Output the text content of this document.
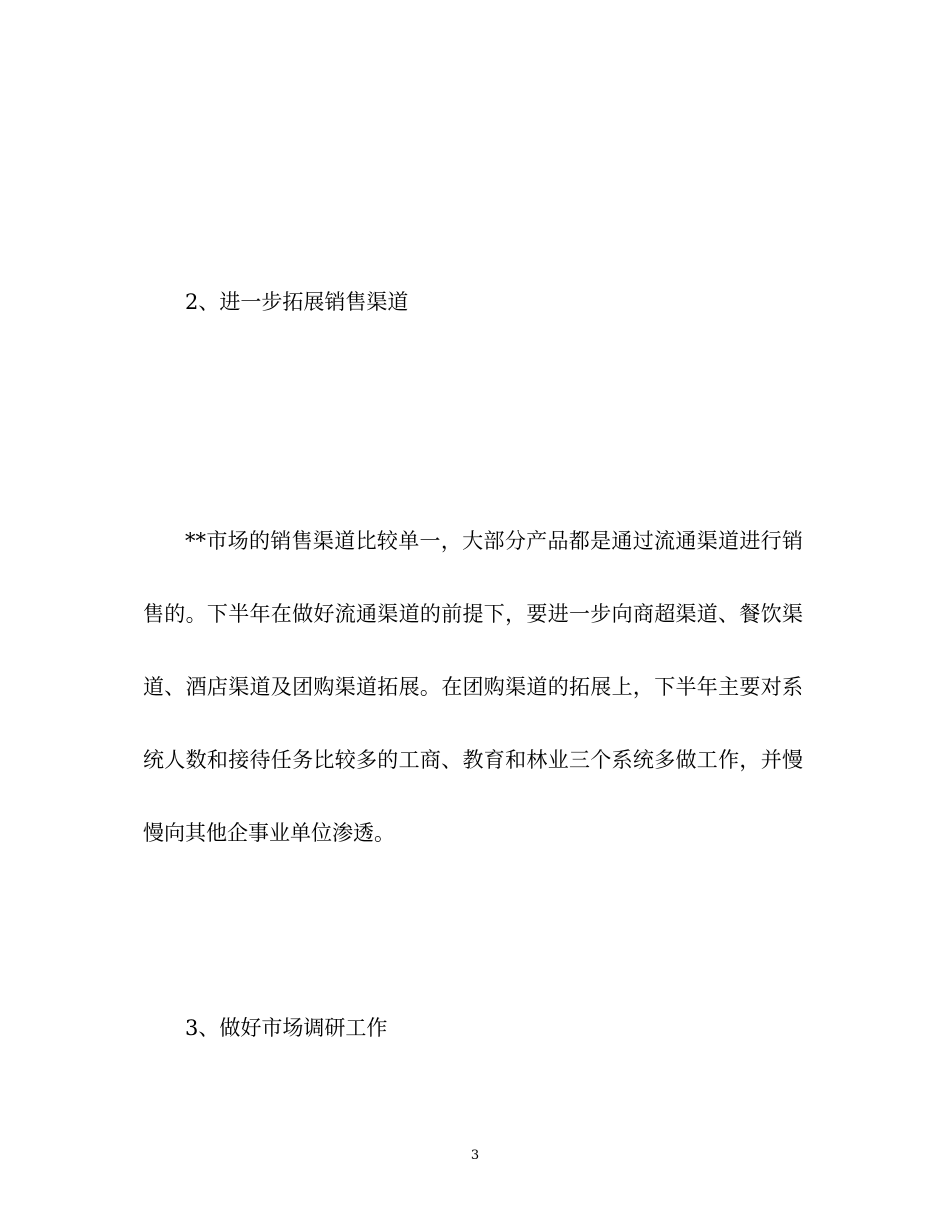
2、进一步拓展销售渠道

**市场的销售渠道比较单一，大部分产品都是通过流通渠道进行销售的。下半年在做好流通渠道的前提下，要进一步向商超渠道、餐饮渠道、酒店渠道及团购渠道拓展。在团购渠道的拓展上，下半年主要对系统人数和接待任务比较多的工商、教育和林业三个系统多做工作，并慢慢向其他企事业单位渗透。

3、做好市场调研工作
3
